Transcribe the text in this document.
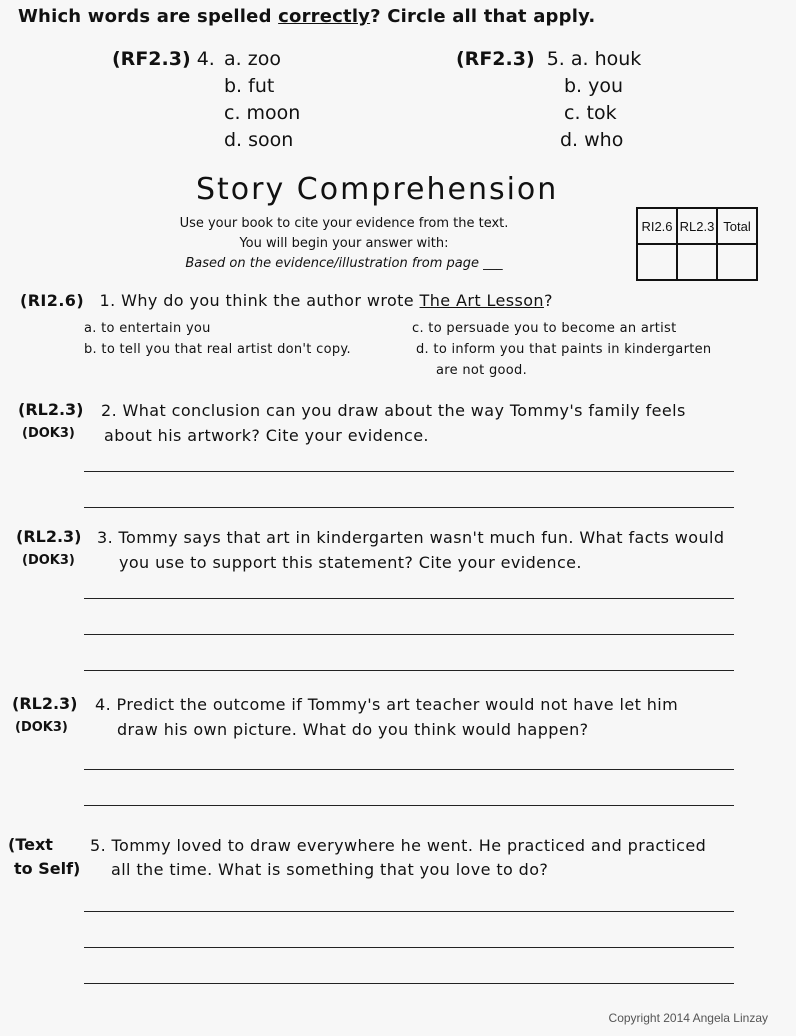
Which words are spelled correctly? Circle all that apply.
(RF2.3) 4. a. zoo
b. fut
c. moon
d. soon
(RF2.3) 5. a. houk
b. you
c. tok
d. who
Story Comprehension
Use your book to cite your evidence from the text.
You will begin your answer with:
Based on the evidence/illustration from page ___
RI2.6	RL2.3	Total

(RI2.6) 1. Why do you think the author wrote The Art Lesson?
a. to entertain you
b. to tell you that real artist don't copy.
c. to persuade you to become an artist
d. to inform you that paints in kindergarten
are not good.
(RL2.3)
(DOK3)
2. What conclusion can you draw about the way Tommy's family feels
about his artwork? Cite your evidence.
(RL2.3)
(DOK3)
3. Tommy says that art in kindergarten wasn't much fun. What facts would
you use to support this statement? Cite your evidence.
(RL2.3)
(DOK3)
4. Predict the outcome if Tommy's art teacher would not have let him
draw his own picture. What do you think would happen?
(Text
to Self)
5. Tommy loved to draw everywhere he went. He practiced and practiced
all the time. What is something that you love to do?
Copyright 2014 Angela Linzay
